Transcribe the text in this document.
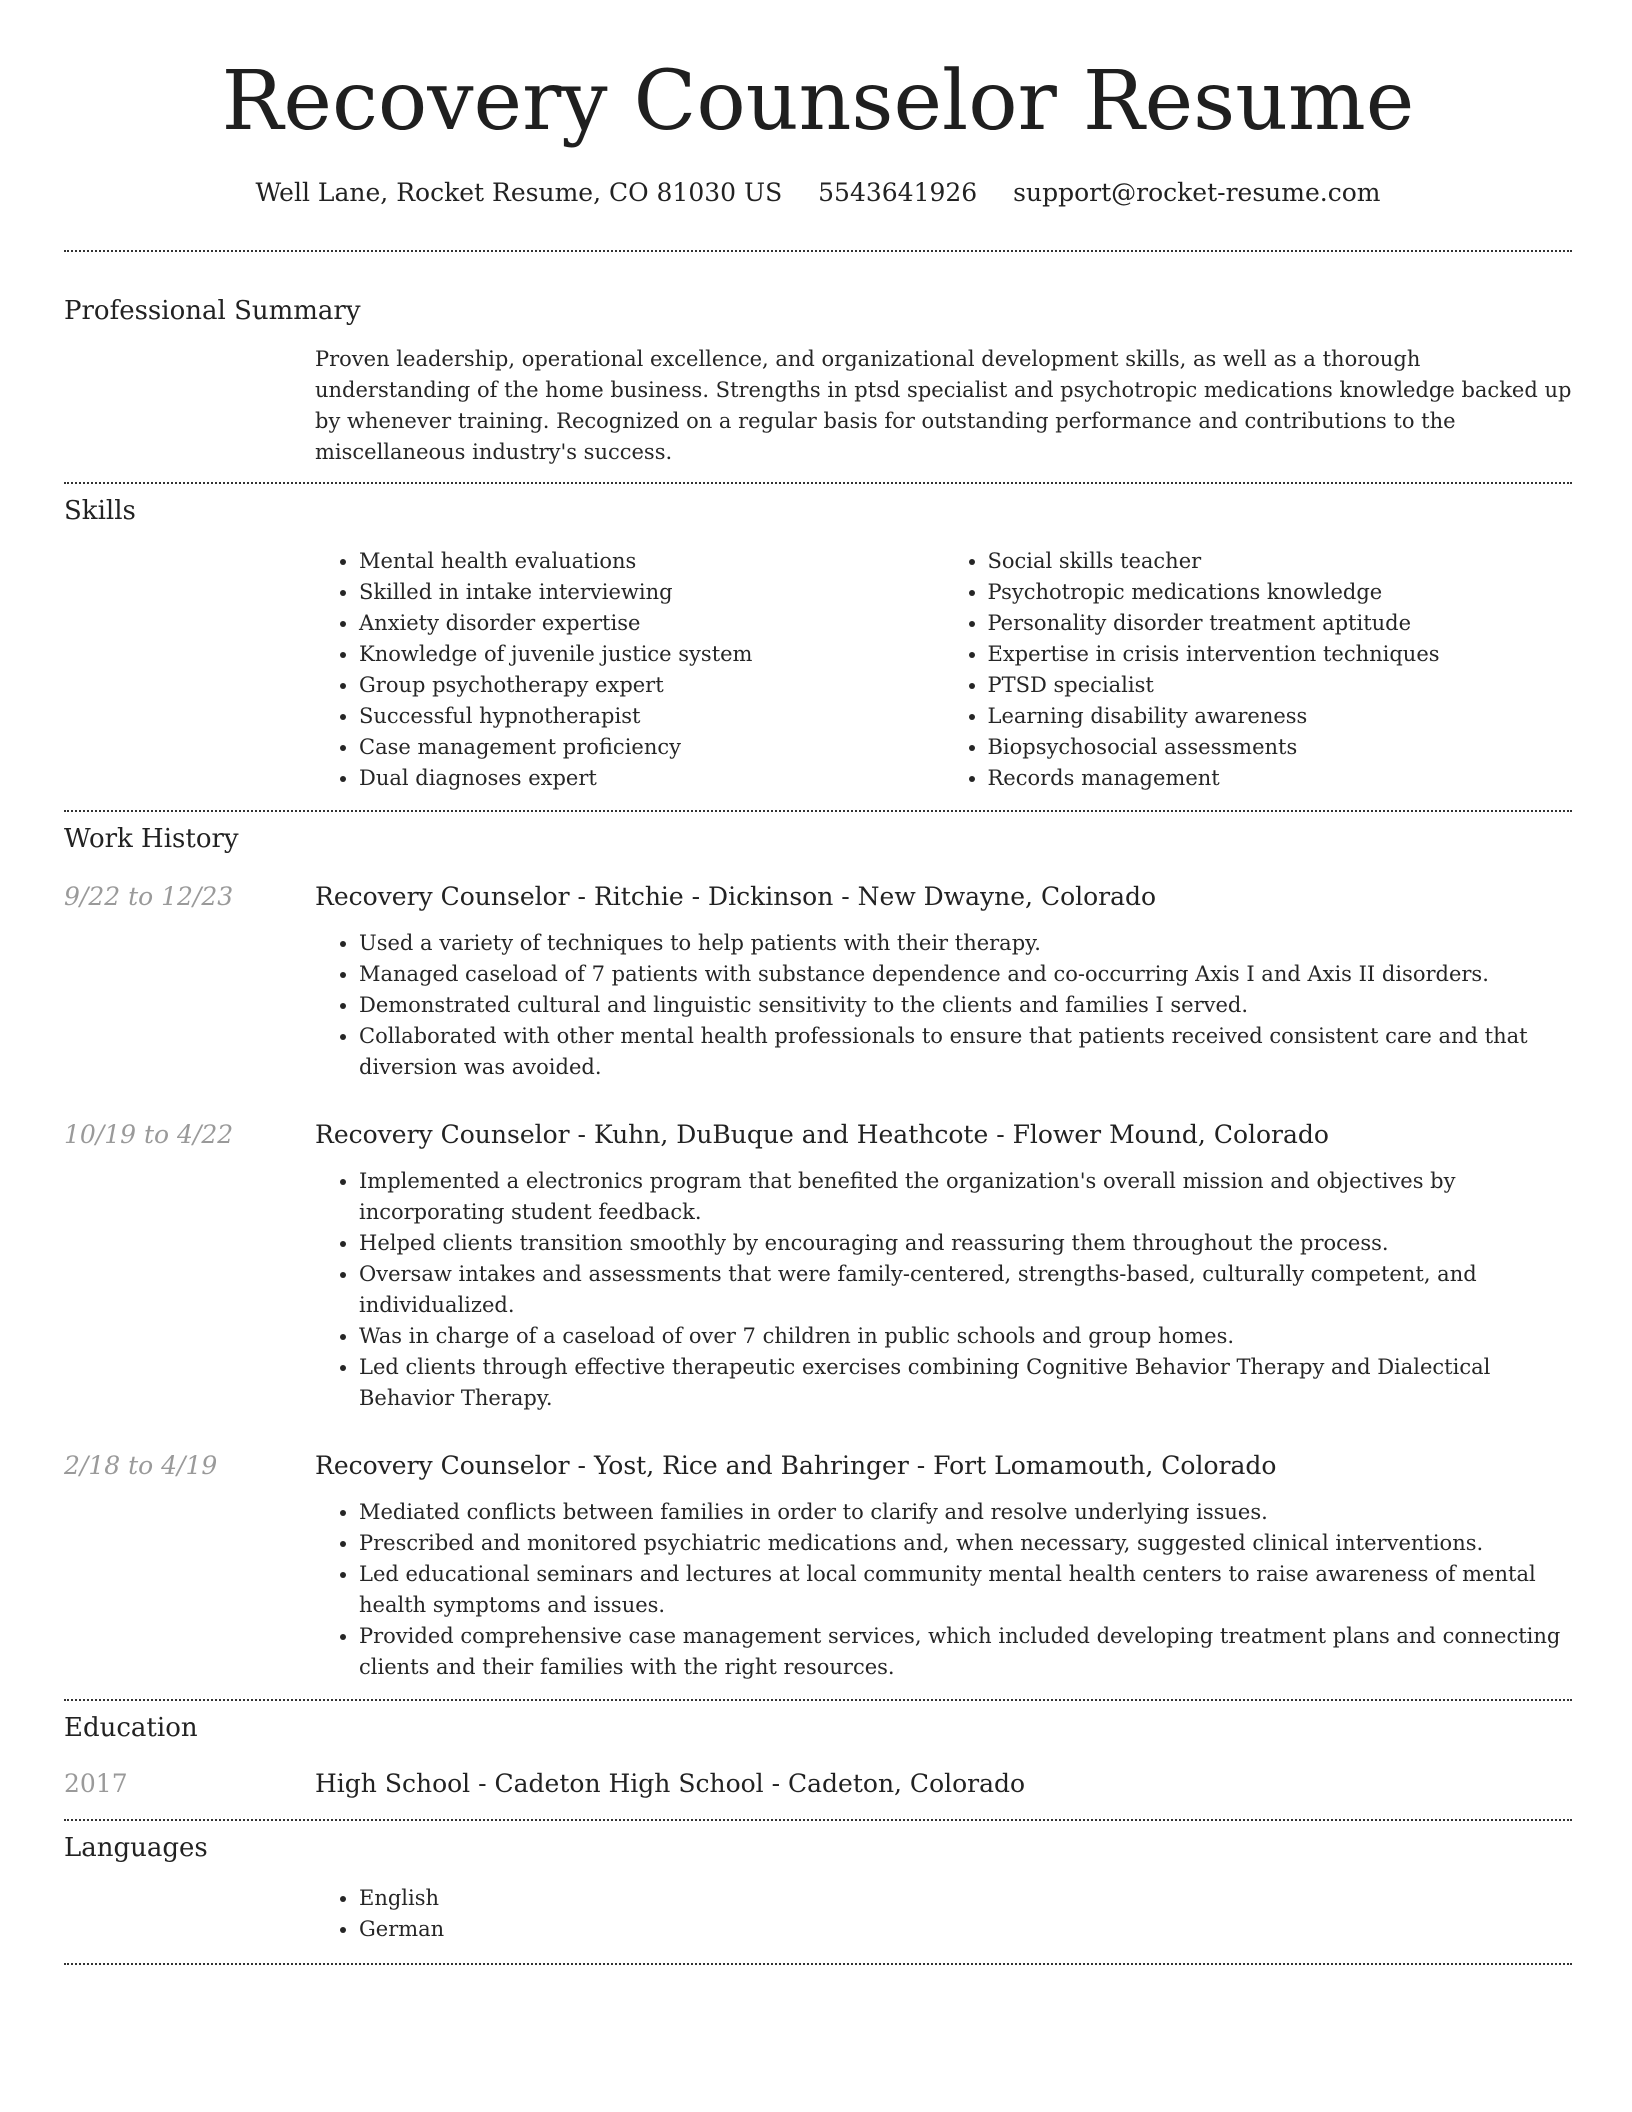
Recovery Counselor Resume
Well Lane, Rocket Resume, CO 81030 US 5543641926 support@rocket-resume.com
Professional Summary
Proven leadership, operational excellence, and organizational development skills, as well as a thorough understanding of the home business. Strengths in ptsd specialist and psychotropic medications knowledge backed up by whenever training. Recognized on a regular basis for outstanding performance and contributions to the miscellaneous industry's success.
Skills
• Mental health evaluations
• Skilled in intake interviewing
• Anxiety disorder expertise
• Knowledge of juvenile justice system
• Group psychotherapy expert
• Successful hypnotherapist
• Case management proficiency
• Dual diagnoses expert
• Social skills teacher
• Psychotropic medications knowledge
• Personality disorder treatment aptitude
• Expertise in crisis intervention techniques
• PTSD specialist
• Learning disability awareness
• Biopsychosocial assessments
• Records management
Work History
9/22 to 12/23	Recovery Counselor - Ritchie - Dickinson - New Dwayne, Colorado
• Used a variety of techniques to help patients with their therapy.
• Managed caseload of 7 patients with substance dependence and co-occurring Axis I and Axis II disorders.
• Demonstrated cultural and linguistic sensitivity to the clients and families I served.
• Collaborated with other mental health professionals to ensure that patients received consistent care and that diversion was avoided.
10/19 to 4/22	Recovery Counselor - Kuhn, DuBuque and Heathcote - Flower Mound, Colorado
• Implemented a electronics program that benefited the organization's overall mission and objectives by incorporating student feedback.
• Helped clients transition smoothly by encouraging and reassuring them throughout the process.
• Oversaw intakes and assessments that were family-centered, strengths-based, culturally competent, and individualized.
• Was in charge of a caseload of over 7 children in public schools and group homes.
• Led clients through effective therapeutic exercises combining Cognitive Behavior Therapy and Dialectical Behavior Therapy.
2/18 to 4/19	Recovery Counselor - Yost, Rice and Bahringer - Fort Lomamouth, Colorado
• Mediated conflicts between families in order to clarify and resolve underlying issues.
• Prescribed and monitored psychiatric medications and, when necessary, suggested clinical interventions.
• Led educational seminars and lectures at local community mental health centers to raise awareness of mental health symptoms and issues.
• Provided comprehensive case management services, which included developing treatment plans and connecting clients and their families with the right resources.
Education
2017	High School - Cadeton High School - Cadeton, Colorado
Languages
• English
• German
